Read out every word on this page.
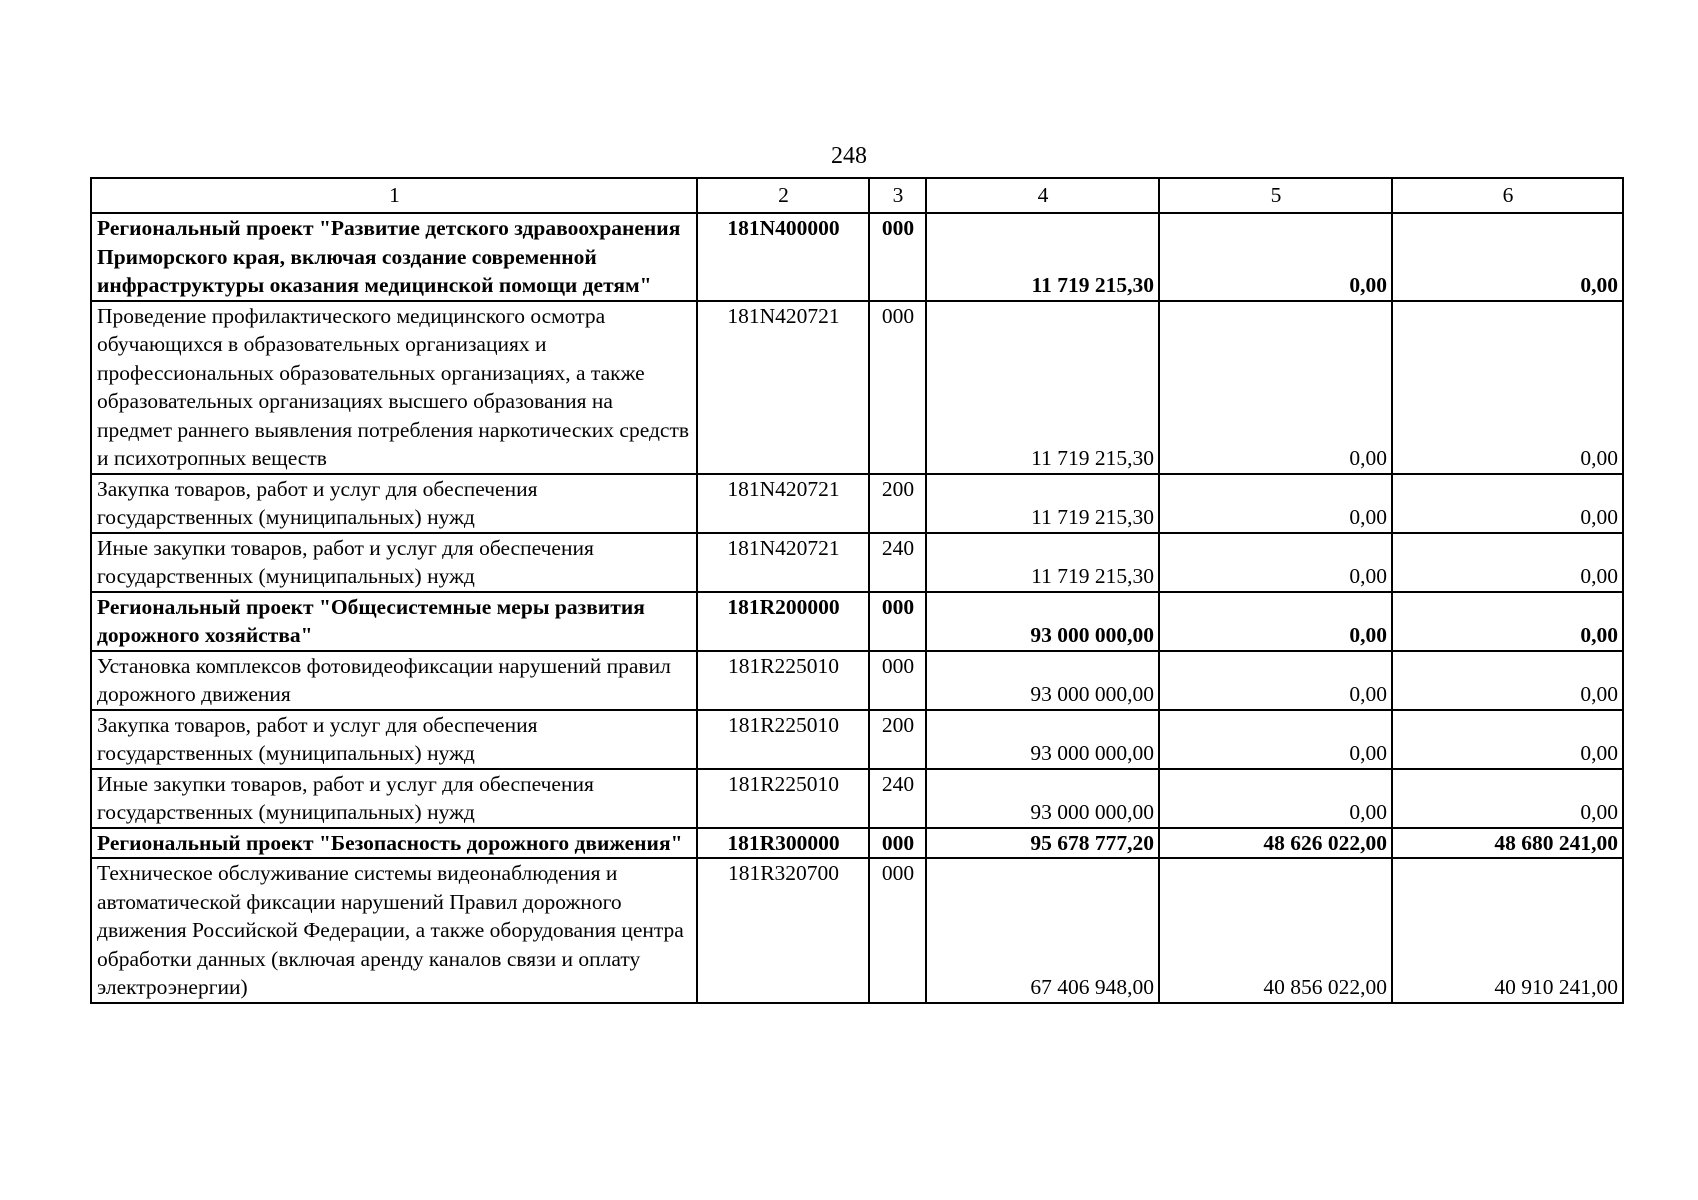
248
1	2	3	4	5	6
Региональный проект "Развитие детского здравоохранения Приморского края, включая создание современной инфраструктуры оказания медицинской помощи детям"	181N400000	000	11 719 215,30	0,00	0,00
Проведение профилактического медицинского осмотра обучающихся в образовательных организациях и профессиональных образовательных организациях, а также образовательных организациях высшего образования на предмет раннего выявления потребления наркотических средств и психотропных веществ	181N420721	000	11 719 215,30	0,00	0,00
Закупка товаров, работ и услуг для обеспечения государственных (муниципальных) нужд	181N420721	200	11 719 215,30	0,00	0,00
Иные закупки товаров, работ и услуг для обеспечения государственных (муниципальных) нужд	181N420721	240	11 719 215,30	0,00	0,00
Региональный проект "Общесистемные меры развития дорожного хозяйства"	181R200000	000	93 000 000,00	0,00	0,00
Установка комплексов фотовидеофиксации нарушений правил дорожного движения	181R225010	000	93 000 000,00	0,00	0,00
Закупка товаров, работ и услуг для обеспечения государственных (муниципальных) нужд	181R225010	200	93 000 000,00	0,00	0,00
Иные закупки товаров, работ и услуг для обеспечения государственных (муниципальных) нужд	181R225010	240	93 000 000,00	0,00	0,00
Региональный проект "Безопасность дорожного движения"	181R300000	000	95 678 777,20	48 626 022,00	48 680 241,00
Техническое обслуживание системы видеонаблюдения и автоматической фиксации нарушений Правил дорожного движения Российской Федерации, а также оборудования центра обработки данных (включая аренду каналов связи и оплату электроэнергии)	181R320700	000	67 406 948,00	40 856 022,00	40 910 241,00
